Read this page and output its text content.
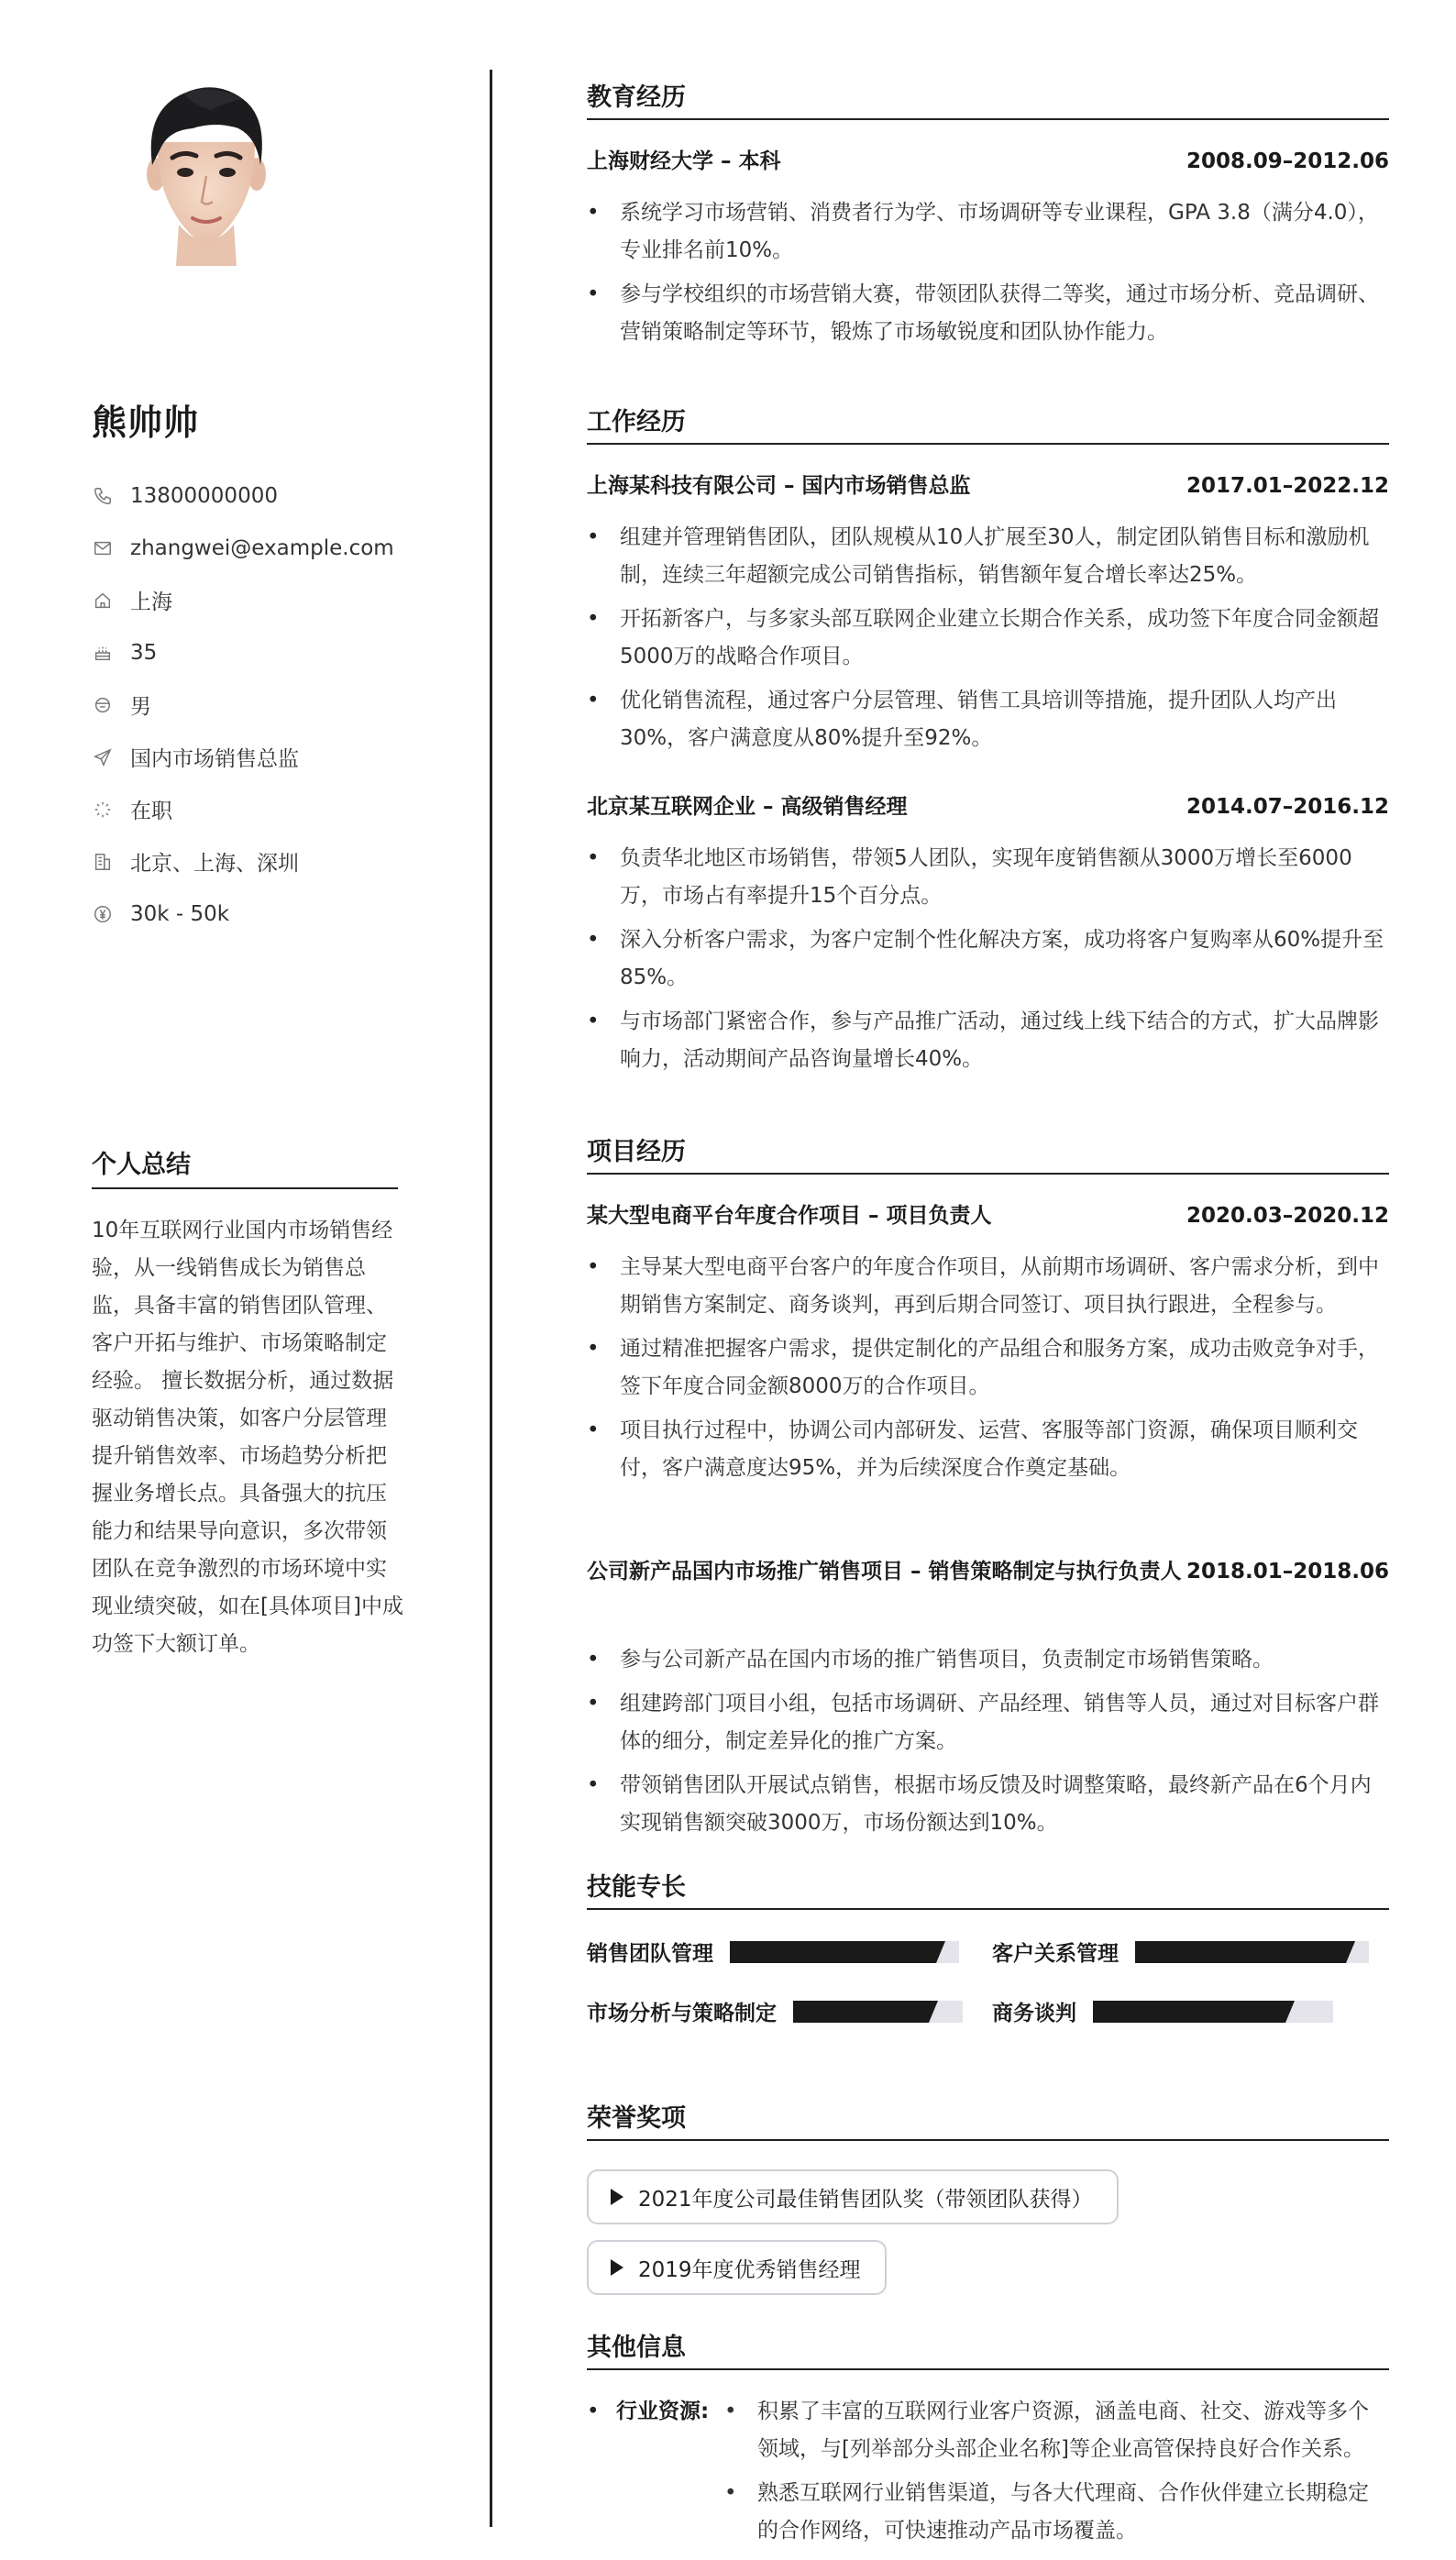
熊帅帅
13800000000
zhangwei@example.com
上海
35
男
国内市场销售总监
在职
北京、上海、深圳
30k - 50k
个人总结
10年互联网行业国内市场销售经验，从一线销售成长为销售总监，具备丰富的销售团队管理、客户开拓与维护、市场策略制定经验。 擅长数据分析，通过数据驱动销售决策，如客户分层管理提升销售效率、市场趋势分析把握业务增长点。具备强大的抗压能力和结果导向意识，多次带领团队在竞争激烈的市场环境中实现业绩突破，如在[具体项目]中成功签下大额订单。
教育经历
上海财经大学 – 本科	2008.09–2012.06
• 系统学习市场营销、消费者行为学、市场调研等专业课程，GPA 3.8（满分4.0），专业排名前10%。
• 参与学校组织的市场营销大赛，带领团队获得二等奖，通过市场分析、竞品调研、营销策略制定等环节，锻炼了市场敏锐度和团队协作能力。
工作经历
上海某科技有限公司 – 国内市场销售总监	2017.01–2022.12
• 组建并管理销售团队，团队规模从10人扩展至30人，制定团队销售目标和激励机制，连续三年超额完成公司销售指标，销售额年复合增长率达25%。
• 开拓新客户，与多家头部互联网企业建立长期合作关系，成功签下年度合同金额超5000万的战略合作项目。
• 优化销售流程，通过客户分层管理、销售工具培训等措施，提升团队人均产出30%，客户满意度从80%提升至92%。
北京某互联网企业 – 高级销售经理	2014.07–2016.12
• 负责华北地区市场销售，带领5人团队，实现年度销售额从3000万增长至6000万，市场占有率提升15个百分点。
• 深入分析客户需求，为客户定制个性化解决方案，成功将客户复购率从60%提升至85%。
• 与市场部门紧密合作，参与产品推广活动，通过线上线下结合的方式，扩大品牌影响力，活动期间产品咨询量增长40%。
项目经历
某大型电商平台年度合作项目 – 项目负责人	2020.03–2020.12
• 主导某大型电商平台客户的年度合作项目，从前期市场调研、客户需求分析，到中期销售方案制定、商务谈判，再到后期合同签订、项目执行跟进，全程参与。
• 通过精准把握客户需求，提供定制化的产品组合和服务方案，成功击败竞争对手，签下年度合同金额8000万的合作项目。
• 项目执行过程中，协调公司内部研发、运营、客服等部门资源，确保项目顺利交付，客户满意度达95%，并为后续深度合作奠定基础。
公司新产品国内市场推广销售项目 – 销售策略制定与执行负责人 2018.01–2018.06
• 参与公司新产品在国内市场的推广销售项目，负责制定市场销售策略。
• 组建跨部门项目小组，包括市场调研、产品经理、销售等人员，通过对目标客户群体的细分，制定差异化的推广方案。
• 带领销售团队开展试点销售，根据市场反馈及时调整策略，最终新产品在6个月内实现销售额突破3000万，市场份额达到10%。
技能专长
销售团队管理	客户关系管理
市场分析与策略制定	商务谈判
荣誉奖项
2021年度公司最佳销售团队奖（带领团队获得）
2019年度优秀销售经理
其他信息
• 行业资源:
•	积累了丰富的互联网行业客户资源，涵盖电商、社交、游戏等多个领域，与[列举部分头部企业名称]等企业高管保持良好合作关系。
• 熟悉互联网行业销售渠道，与各大代理商、合作伙伴建立长期稳定的合作网络，可快速推动产品市场覆盖。
